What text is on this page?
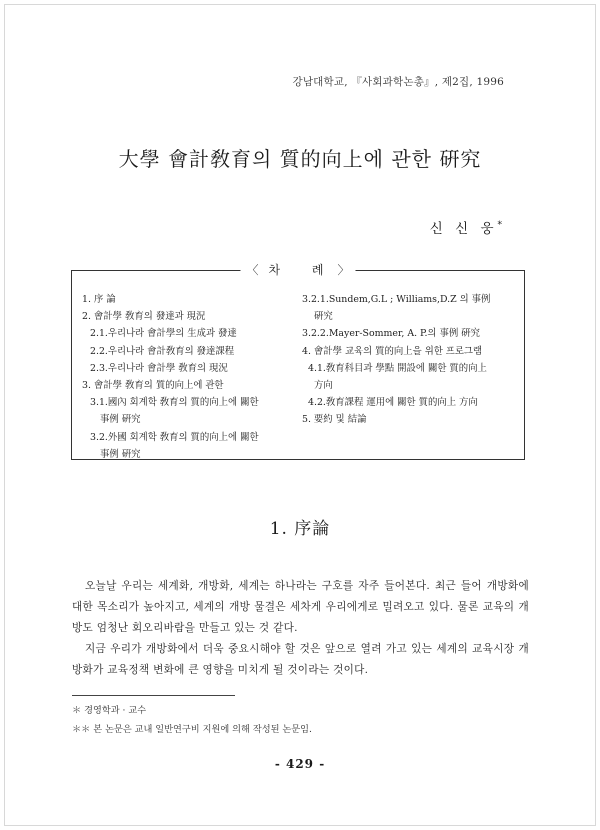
강남대학교, 『사회과학논총』, 제2집, 1996
大學 會計敎育의 質的向上에 관한 硏究
신 신 웅*
〈 차 례〉
1. 序 論
2. 會計學 敎育의 發達과 現況
2.1.우리나라 會計學의 生成과 發達
2.2.우리나라 會計敎育의 發達課程
2.3.우리나라 會計學 敎育의 現況
3. 會計學 敎育의 質的向上에 관한
3.1.國內 회계학 敎育의 質的向上에 關한
事例 硏究
3.2.外國 회계학 敎育의 質的向上에 關한
事例 硏究
3.2.1.Sundem,G.L ; Williams,D.Z 의 事例
硏究
3.2.2.Mayer-Sommer, A. P.의 事例 硏究
4. 會計學 교육의 質的向上을 위한 프로그램
4.1.敎育科目과 學點 開設에 關한 質的向上
方向
4.2.敎育課程 運用에 關한 質的向上 方向
5. 要約 및 結論
1. 序論

오늘날 우리는 세계화, 개방화, 세계는 하나라는 구호를 자주 들어본다. 최근 들어 개방화에 대한 목소리가 높아지고, 세계의 개방 물결은 세차게 우리에게로 밀려오고 있다. 물론 교육의 개방도 엄청난 회오리바람을 만들고 있는 것 같다.

지금 우리가 개방화에서 더욱 중요시해야 할 것은 앞으로 열려 가고 있는 세계의 교육시장 개방화가 교육정책 변화에 큰 영향을 미치게 될 것이라는 것이다.

＊ 경영학과 · 교수
＊＊ 본 논문은 교내 일반연구비 지원에 의해 작성된 논문임.
- 429 -
